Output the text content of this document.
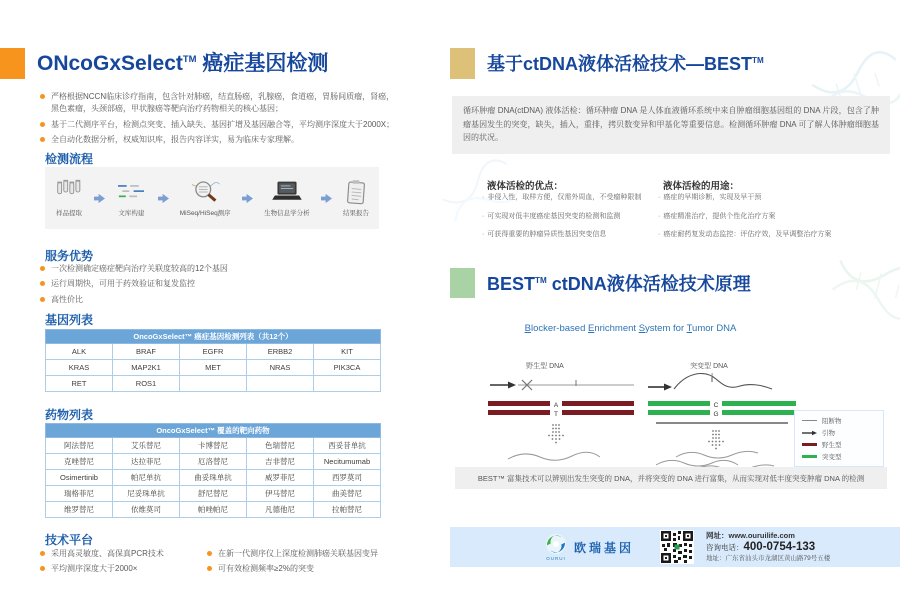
ONcoGxSelect™ 癌症基因检测
严格根据NCCN临床诊疗指南，包含针对肺癌，结直肠癌，乳腺癌，食道癌，胃肠间质瘤，肾癌，黑色素瘤，头颈部癌，甲状腺癌等靶向治疗药物相关的核心基因；
基于二代测序平台，检测点突变、插入缺失、基因扩增及基因融合等，平均测序深度大于2000X；
全自动化数据分析，权威知识库，报告内容详实，易为临床专家理解。
检测流程
样品提取	文库构建	MiSeq/HiSeq测序	生物信息学分析	结果报告
服务优势
一次检测确定癌症靶向治疗关联度较高的12个基因
运行周期快，可用于药效验证和复发监控
高性价比
基因列表
OncoGxSelect™ 癌症基因检测列表（共12个）				
ALK	BRAF	EGFR	ERBB2	KIT
KRAS	MAP2K1	MET	NRAS	PIK3CA
RET	ROS1			
药物列表
OncoGxSelect™ 覆盖的靶向药物				
阿法替尼	艾乐替尼	卡博替尼	色瑞替尼	西妥昔单抗
克唑替尼	达拉菲尼	厄洛替尼	吉非替尼	Necitumumab
Osimertinib	帕尼单抗	曲妥珠单抗	威罗菲尼	西罗莫司
瑞格菲尼	尼妥珠单抗	舒尼替尼	伊马替尼	曲美替尼
维罗替尼	依维莫司	帕唑帕尼	凡德他尼	拉帕替尼
技术平台
采用高灵敏度、高保真PCR技术
平均测序深度大于2000×
在新一代测序仪上深度检测肺癌关联基因变异
可有效检测频率≥2%的突变
基于ctDNA液体活检技术—BEST™
循环肿瘤 DNA(ctDNA) 液体活检：循环肿瘤 DNA 是人体血液循环系统中来自肿瘤细胞基因组的 DNA 片段，包含了肿瘤基因发生的突变，缺失，插入，重排，拷贝数变异和甲基化等重要信息。检测循环肿瘤 DNA 可了解人体肿瘤细胞基因的状况。
液体活检的优点：
· 非侵入性，取样方便，仅需外周血，不受瘤种限制
· 可实现对低丰度癌症基因突变的检测和监测
· 可获得重要的肿瘤异质性基因突变信息
液体活检的用途：
· 癌症的早期诊断，实现及早干预
· 癌症精准治疗，提供个性化治疗方案
· 癌症耐药复发动态监控：评估疗效，及早调整治疗方案
BEST™ ctDNA液体活检技术原理
Blocker-based Enrichment System for Tumor DNA
野生型 DNA	突变型 DNA
A
T
T
C
G
阻断物
引物
野生型
突变型
BEST™ 富集技术可以辨别出发生突变的 DNA，并将突变的 DNA 进行富集，从而实现对低丰度突变肿瘤 DNA 的检测
OURUI
欧瑞基因
网址：www.ouruilife.com
咨询电话：400-0754-133
地址：广东省汕头市龙湖区黄山路79号五楼
